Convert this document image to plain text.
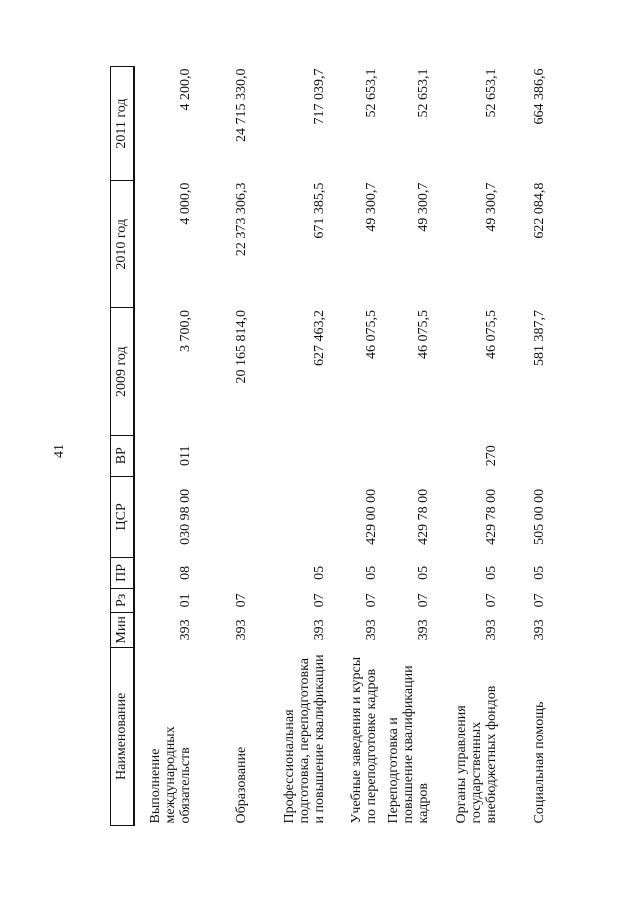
41
Наименование	Мин	Рз	ПР	ЦСР	ВР	2009 год	2010 год	2011 год
Выполнение международных обязательств	393	01	08	030 98 00	011	3 700,0	4 000,0	4 200,0
Образование	393	07				20 165 814,0	22 373 306,3	24 715 330,0
Профессиональная подготовка, переподготовка и повышение квалификации	393	07	05			627 463,2	671 385,5	717 039,7
Учебные заведения и курсы по переподготовке кадров	393	07	05	429 00 00		46 075,5	49 300,7	52 653,1
Переподготовка и повышение квалификации кадров	393	07	05	429 78 00		46 075,5	49 300,7	52 653,1
Органы управления государственных внебюджетных фондов	393	07	05	429 78 00	270	46 075,5	49 300,7	52 653,1
Социальная помощь	393	07	05	505 00 00		581 387,7	622 084,8	664 386,6
